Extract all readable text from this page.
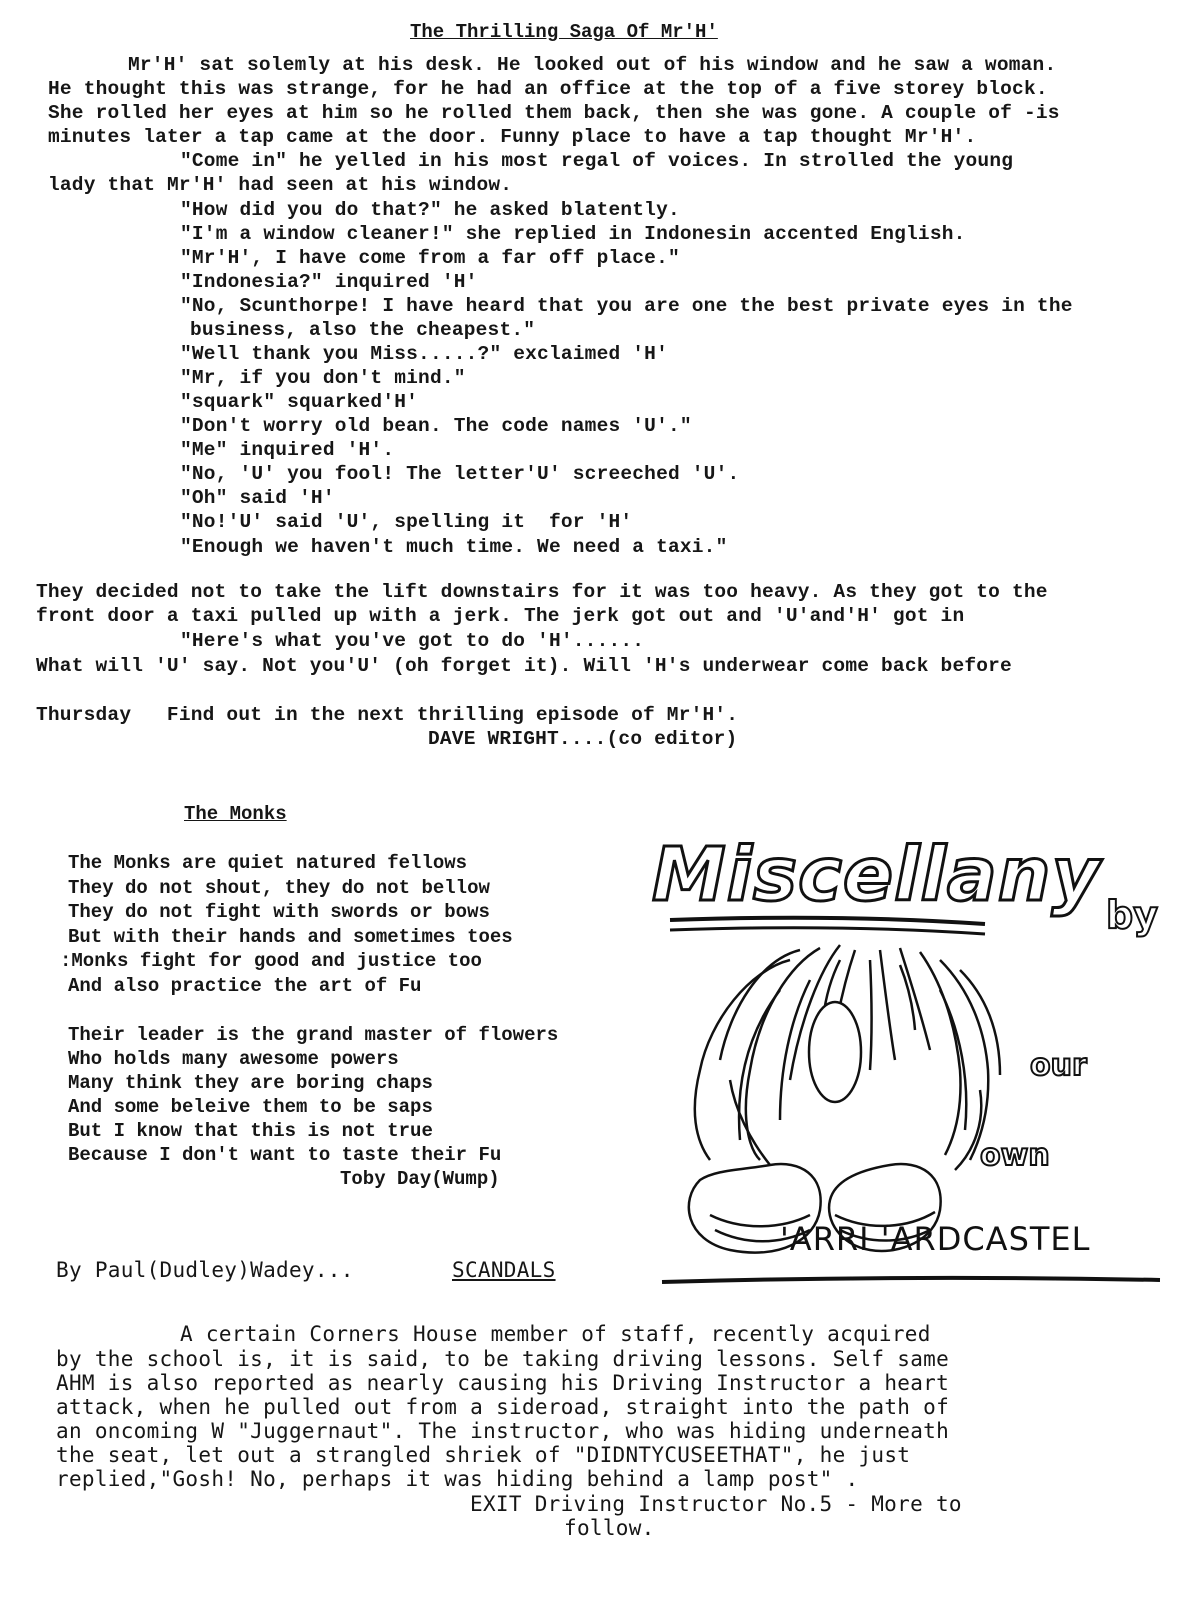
The Thrilling Saga Of Mr'H'
Mr'H' sat solemly at his desk. He looked out of his window and he saw a woman.
He thought this was strange, for he had an office at the top of a five storey block.
She rolled her eyes at him so he rolled them back, then she was gone. A couple of -is
minutes later a tap came at the door. Funny place to have a tap thought Mr'H'.
"Come in" he yelled in his most regal of voices. In strolled the young
lady that Mr'H' had seen at his window.
"How did you do that?" he asked blatently.
"I'm a window cleaner!" she replied in Indonesin accented English.
"Mr'H', I have come from a far off place."
"Indonesia?" inquired 'H'
"No, Scunthorpe! I have heard that you are one the best private eyes in the
business, also the cheapest."
"Well thank you Miss.....?" exclaimed 'H'
"Mr, if you don't mind."
"squark" squarked'H'
"Don't worry old bean. The code names 'U'."
"Me" inquired 'H'.
"No, 'U' you fool! The letter'U' screeched 'U'.
"Oh" said 'H'
"No!'U' said 'U', spelling it  for 'H'
"Enough we haven't much time. We need a taxi."
They decided not to take the lift downstairs for it was too heavy. As they got to the
front door a taxi pulled up with a jerk. The jerk got out and 'U'and'H' got in
"Here's what you've got to do 'H'......
What will 'U' say. Not you'U' (oh forget it). Will 'H's underwear come back before
Thursday   Find out in the next thrilling episode of Mr'H'.
DAVE WRIGHT....(co editor)
The Monks
The Monks are quiet natured fellows
They do not shout, they do not bellow
They do not fight with swords or bows
But with their hands and sometimes toes
:Monks fight for good and justice too
And also practice the art of Fu
Their leader is the grand master of flowers
Who holds many awesome powers
Many think they are boring chaps
And some beleive them to be saps
But I know that this is not true
Because I don't want to taste their Fu
Toby Day(Wump)
Miscellany by
our
own
'ARRI 'ARDCASTEL
By Paul(Dudley)Wadey...	SCANDALS
A certain Corners House member of staff, recently acquired
by the school is, it is said, to be taking driving lessons. Self same
AHM is also reported as nearly causing his Driving Instructor a heart
attack, when he pulled out from a sideroad, straight into the path of
an oncoming W "Juggernaut". The instructor, who was hiding underneath
the seat, let out a strangled shriek of "DIDNTYCUSEETHAT", he just
replied,"Gosh! No, perhaps it was hiding behind a lamp post" .
EXIT Driving Instructor No.5 - More to
follow.
